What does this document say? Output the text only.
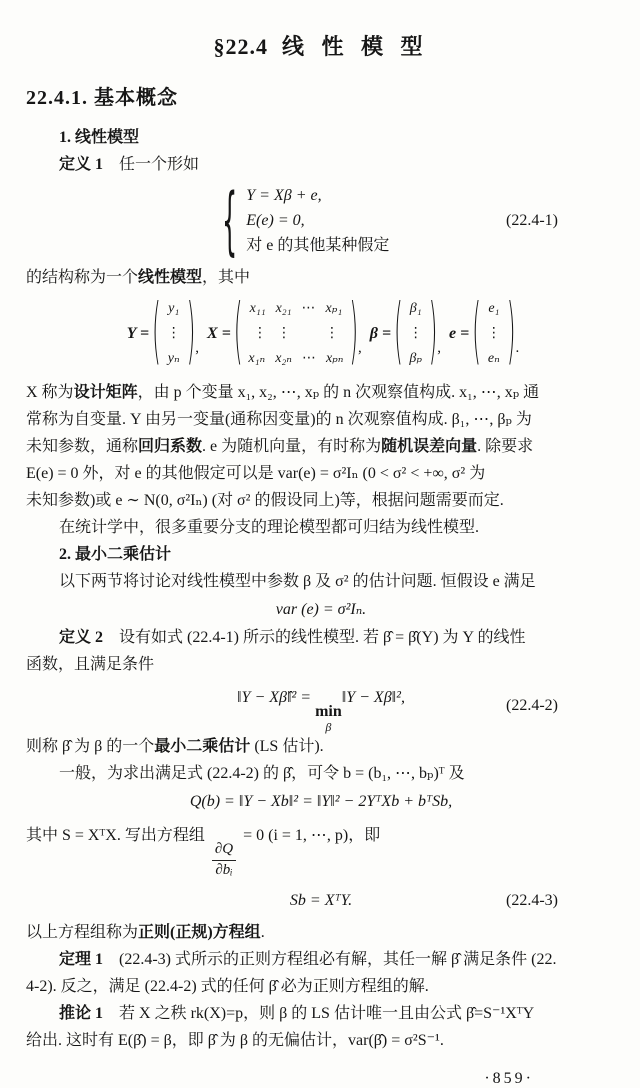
§22.4 线 性 模 型
22.4.1. 基本概念
1. 线性模型
定义 1　任一个形如
{ Y = Xβ + e,
E(e) = 0,
对 e 的其他某种假定
(22.4-1)
的结构称为一个线性模型，其中
Y = ( y₁
⋮
yₙ ) ,
X = ( x₁₁ x₂₁ ⋯ xₚ₁
⋮ ⋮	⋮
x₁ₙ x₂ₙ ⋯ xₚₙ ) ,
β = ( β₁
⋮
βₚ ) ,
e = ( e₁
⋮
eₙ ) .
X 称为设计矩阵，由 p 个变量 x₁, x₂, ⋯, xₚ 的 n 次观察值构成. x₁, ⋯, xₚ 通
常称为自变量. Y 由另一变量(通称因变量)的 n 次观察值构成. β₁, ⋯, βₚ 为
未知参数，通称回归系数. e 为随机向量，有时称为随机误差向量. 除要求
E(e) = 0 外，对 e 的其他假定可以是 var(e) = σ²Iₙ (0 < σ² < +∞, σ² 为
未知参数)或 e ∼ N(0, σ²Iₙ) (对 σ² 的假设同上)等，根据问题需要而定.
在统计学中，很多重要分支的理论模型都可归结为线性模型.
2. 最小二乘估计
以下两节将讨论对线性模型中参数 β 及 σ² 的估计问题. 恒假设 e 满足
var (e) = σ²Iₙ.
定义 2　设有如式 (22.4-1) 所示的线性模型. 若 β̂ = β̂(Y) 为 Y 的线性
函数，且满足条件
‖Y − Xβ̂‖² =
min
β
‖Y − Xβ‖²,	(22.4-2)
则称 β̂ 为 β 的一个最小二乘估计 (LS 估计).
一般，为求出满足式 (22.4-2) 的 β̂，可令 b = (b₁, ⋯, bₚ)ᵀ 及
Q(b) = ‖Y − Xb‖² = ‖Y‖² − 2YᵀXb + bᵀSb,
其中 S = XᵀX. 写出方程组
$\frac{\partial Q}{\text{∂bᵢ}}$
= 0 (i = 1, ⋯, p)，即
Sb = XᵀY.	(22.4-3)
以上方程组称为正则(正规)方程组.
定理 1　(22.4-3) 式所示的正则方程组必有解，其任一解 β̂ 满足条件 (22.
4-2). 反之，满足 (22.4-2) 式的任何 β̂ 必为正则方程组的解.
推论 1　若 X 之秩 rk(X)=p，则 β 的 LS 估计唯一且由公式 β̂=S⁻¹XᵀY
给出. 这时有 E(β̂) = β，即 β̂ 为 β 的无偏估计，var(β̂) = σ²S⁻¹.
·859·
